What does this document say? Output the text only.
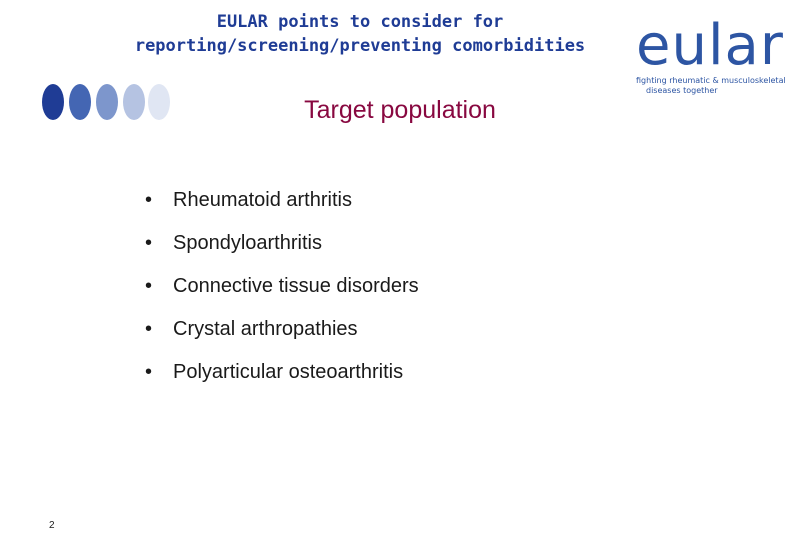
EULAR points to consider for
reporting/screening/preventing comorbidities eular
fighting rheumatic & musculoskeletal
diseases together
Target population
• Rheumatoid arthritis
• Spondyloarthritis
• Connective tissue disorders
• Crystal arthropathies
• Polyarticular osteoarthritis
2
